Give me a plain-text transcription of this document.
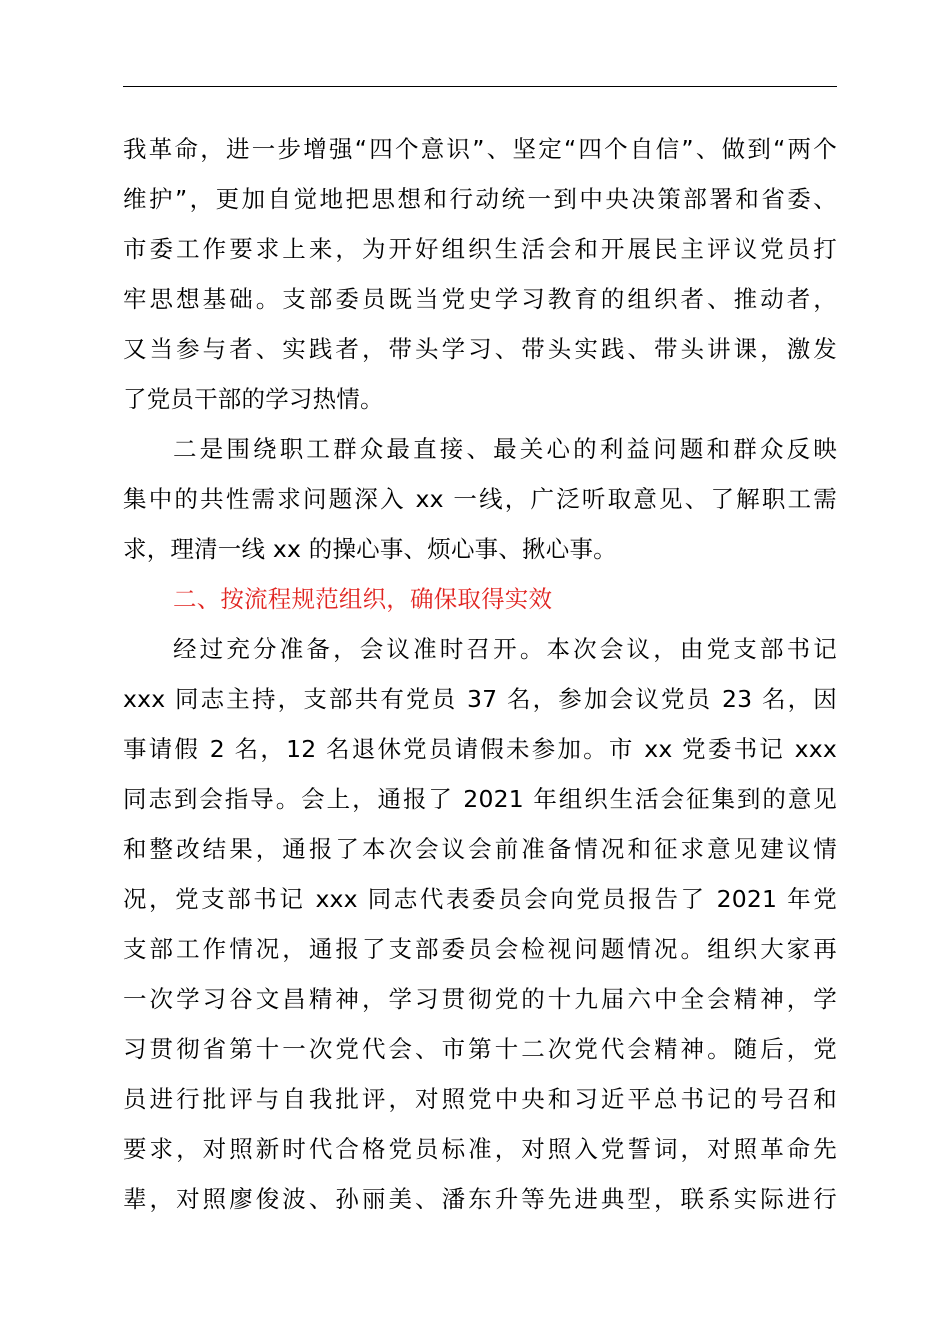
我革命，进一步增强“四个意识”、坚定“四个自信”、做到“两个
维护”，更加自觉地把思想和行动统一到中央决策部署和省委、
市委工作要求上来，为开好组织生活会和开展民主评议党员打
牢思想基础。支部委员既当党史学习教育的组织者、推动者，
又当参与者、实践者，带头学习、带头实践、带头讲课，激发
了党员干部的学习热情。
二是围绕职工群众最直接、最关心的利益问题和群众反映
集中的共性需求问题深入 xx 一线，广泛听取意见、了解职工需
求，理清一线 xx 的操心事、烦心事、揪心事。
二、按流程规范组织，确保取得实效
经过充分准备，会议准时召开。本次会议，由党支部书记
xxx 同志主持，支部共有党员 37 名，参加会议党员 23 名，因
事请假 2 名，12 名退休党员请假未参加。市 xx 党委书记 xxx
同志到会指导。会上，通报了 2021 年组织生活会征集到的意见
和整改结果，通报了本次会议会前准备情况和征求意见建议情
况，党支部书记 xxx 同志代表委员会向党员报告了 2021 年党
支部工作情况，通报了支部委员会检视问题情况。组织大家再
一次学习谷文昌精神，学习贯彻党的十九届六中全会精神，学
习贯彻省第十一次党代会、市第十二次党代会精神。随后，党
员进行批评与自我批评，对照党中央和习近平总书记的号召和
要求，对照新时代合格党员标准，对照入党誓词，对照革命先
辈，对照廖俊波、孙丽美、潘东升等先进典型，联系实际进行
